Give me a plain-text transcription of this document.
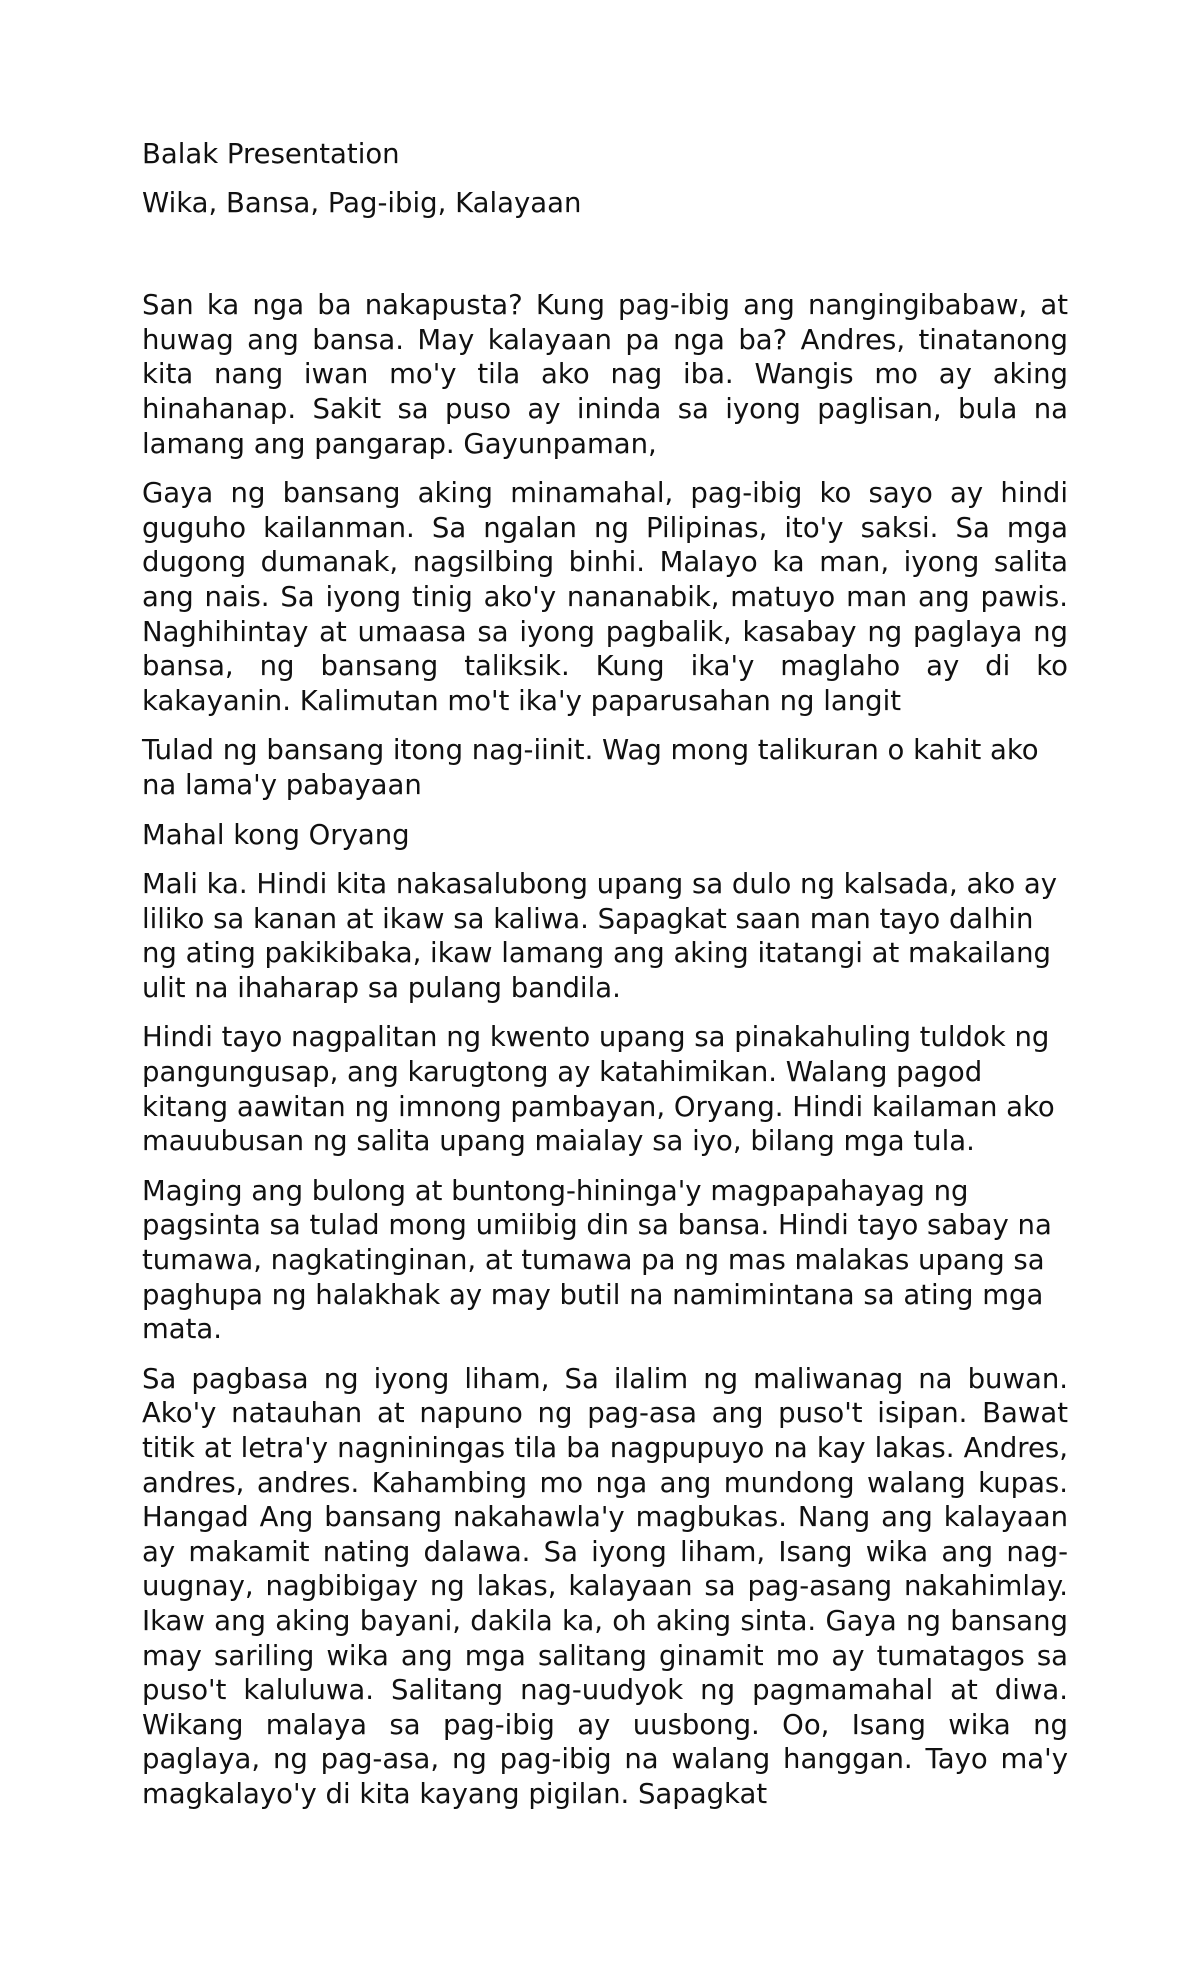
Balak Presentation
Wika, Bansa, Pag-ibig, Kalayaan

San ka nga ba nakapusta? Kung pag-ibig ang nangingibabaw, at huwag ang bansa. May kalayaan pa nga ba? Andres, tinatanong kita nang iwan mo'y tila ako nag iba. Wangis mo ay aking hinahanap. Sakit sa puso ay ininda sa iyong paglisan, bula na lamang ang pangarap. Gayunpaman,

Gaya ng bansang aking minamahal, pag-ibig ko sayo ay hindi guguho kailanman. Sa ngalan ng Pilipinas, ito'y saksi. Sa mga dugong dumanak, nagsilbing binhi. Malayo ka man, iyong salita ang nais. Sa iyong tinig ako'y nananabik, matuyo man ang pawis. Naghihintay at umaasa sa iyong pagbalik, kasabay ng paglaya ng bansa, ng bansang taliksik. Kung ika'y maglaho ay di ko kakayanin. Kalimutan mo't ika'y paparusahan ng langit

Tulad ng bansang itong nag-iinit. Wag mong talikuran o kahit ako na lama'y pabayaan

Mahal kong Oryang

Mali ka. Hindi kita nakasalubong upang sa dulo ng kalsada, ako ay liliko sa kanan at ikaw sa kaliwa. Sapagkat saan man tayo dalhin ng ating pakikibaka, ikaw lamang ang aking itatangi at makailang ulit na ihaharap sa pulang bandila.

Hindi tayo nagpalitan ng kwento upang sa pinakahuling tuldok ng pangungusap, ang karugtong ay katahimikan. Walang pagod kitang aawitan ng imnong pambayan, Oryang. Hindi kailaman ako mauubusan ng salita upang maialay sa iyo, bilang mga tula.

Maging ang bulong at buntong-hininga'y magpapahayag ng pagsinta sa tulad mong umiibig din sa bansa. Hindi tayo sabay na tumawa, nagkatinginan, at tumawa pa ng mas malakas upang sa paghupa ng halakhak ay may butil na namimintana sa ating mga mata.

Sa pagbasa ng iyong liham, Sa ilalim ng maliwanag na buwan. Ako'y natauhan at napuno ng pag-asa ang puso't isipan. Bawat titik at letra'y nagniningas tila ba nagpupuyo na kay lakas. Andres, andres, andres. Kahambing mo nga ang mundong walang kupas. Hangad Ang bansang nakahawla'y magbukas. Nang ang kalayaan ay makamit nating dalawa. Sa iyong liham, Isang wika ang nag-uugnay, nagbibigay ng lakas, kalayaan sa pag-asang nakahimlay. Ikaw ang aking bayani, dakila ka, oh aking sinta. Gaya ng bansang may sariling wika ang mga salitang ginamit mo ay tumatagos sa puso't kaluluwa. Salitang nag-uudyok ng pagmamahal at diwa. Wikang malaya sa pag-ibig ay uusbong. Oo, Isang wika ng paglaya, ng pag-asa, ng pag-ibig na walang hanggan. Tayo ma'y magkalayo'y di kita kayang pigilan. Sapagkat
